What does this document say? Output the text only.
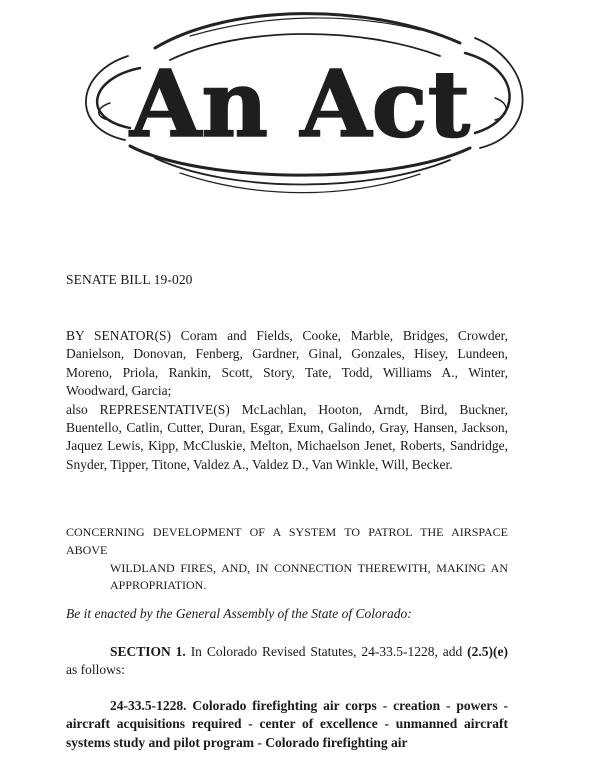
An Act
SENATE BILL 19-020

BY SENATOR(S) Coram and Fields, Cooke, Marble, Bridges, Crowder, Danielson, Donovan, Fenberg, Gardner, Ginal, Gonzales, Hisey, Lundeen, Moreno, Priola, Rankin, Scott, Story, Tate, Todd, Williams A., Winter, Woodward, Garcia;

also REPRESENTATIVE(S) McLachlan, Hooton, Arndt, Bird, Buckner, Buentello, Catlin, Cutter, Duran, Esgar, Exum, Galindo, Gray, Hansen, Jackson, Jaquez Lewis, Kipp, McCluskie, Melton, Michaelson Jenet, Roberts, Sandridge, Snyder, Tipper, Titone, Valdez A., Valdez D., Van Winkle, Will, Becker.

CONCERNING DEVELOPMENT OF A SYSTEM TO PATROL THE AIRSPACE ABOVE
WILDLAND FIRES, AND, IN CONNECTION THEREWITH, MAKING AN APPROPRIATION.
Be it enacted by the General Assembly of the State of Colorado:
SECTION 1. In Colorado Revised Statutes, 24-33.5-1228, add (2.5)(e) as follows:
24-33.5-1228. Colorado firefighting air corps - creation - powers - aircraft acquisitions required - center of excellence - unmanned aircraft systems study and pilot program - Colorado firefighting air
